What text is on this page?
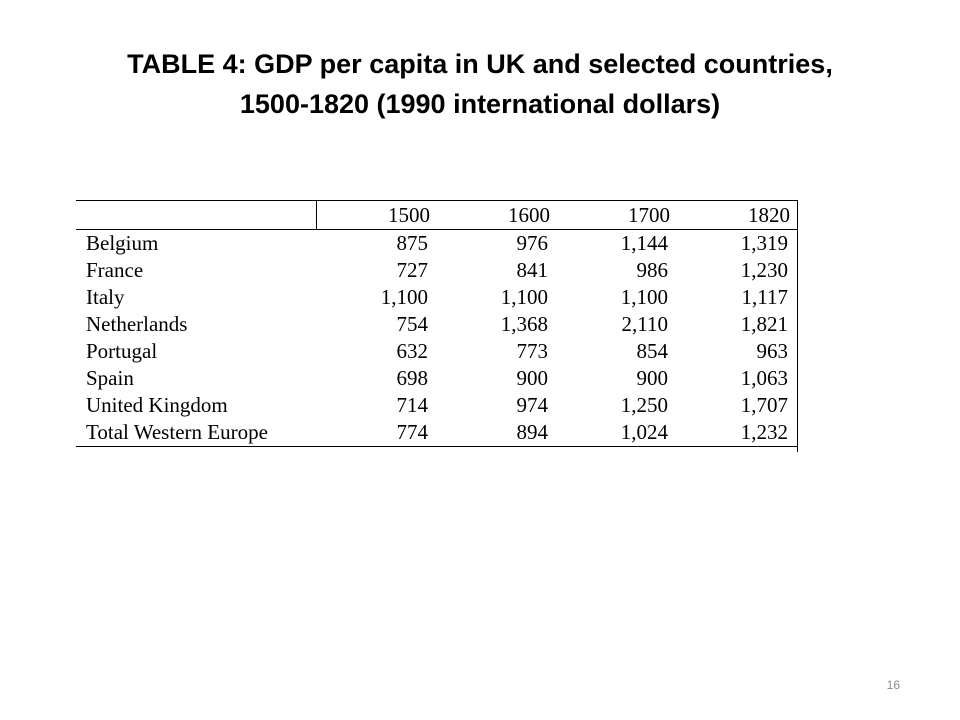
TABLE 4: GDP per capita in UK and selected countries,
1500-1820 (1990 international dollars)
	1500	1600	1700	1820
Belgium	875	976	1,144	1,319
France	727	841	986	1,230
Italy	1,100	1,100	1,100	1,117
Netherlands	754	1,368	2,110	1,821
Portugal	632	773	854	963
Spain	698	900	900	1,063
United Kingdom	714	974	1,250	1,707
Total Western Europe	774	894	1,024	1,232
16
